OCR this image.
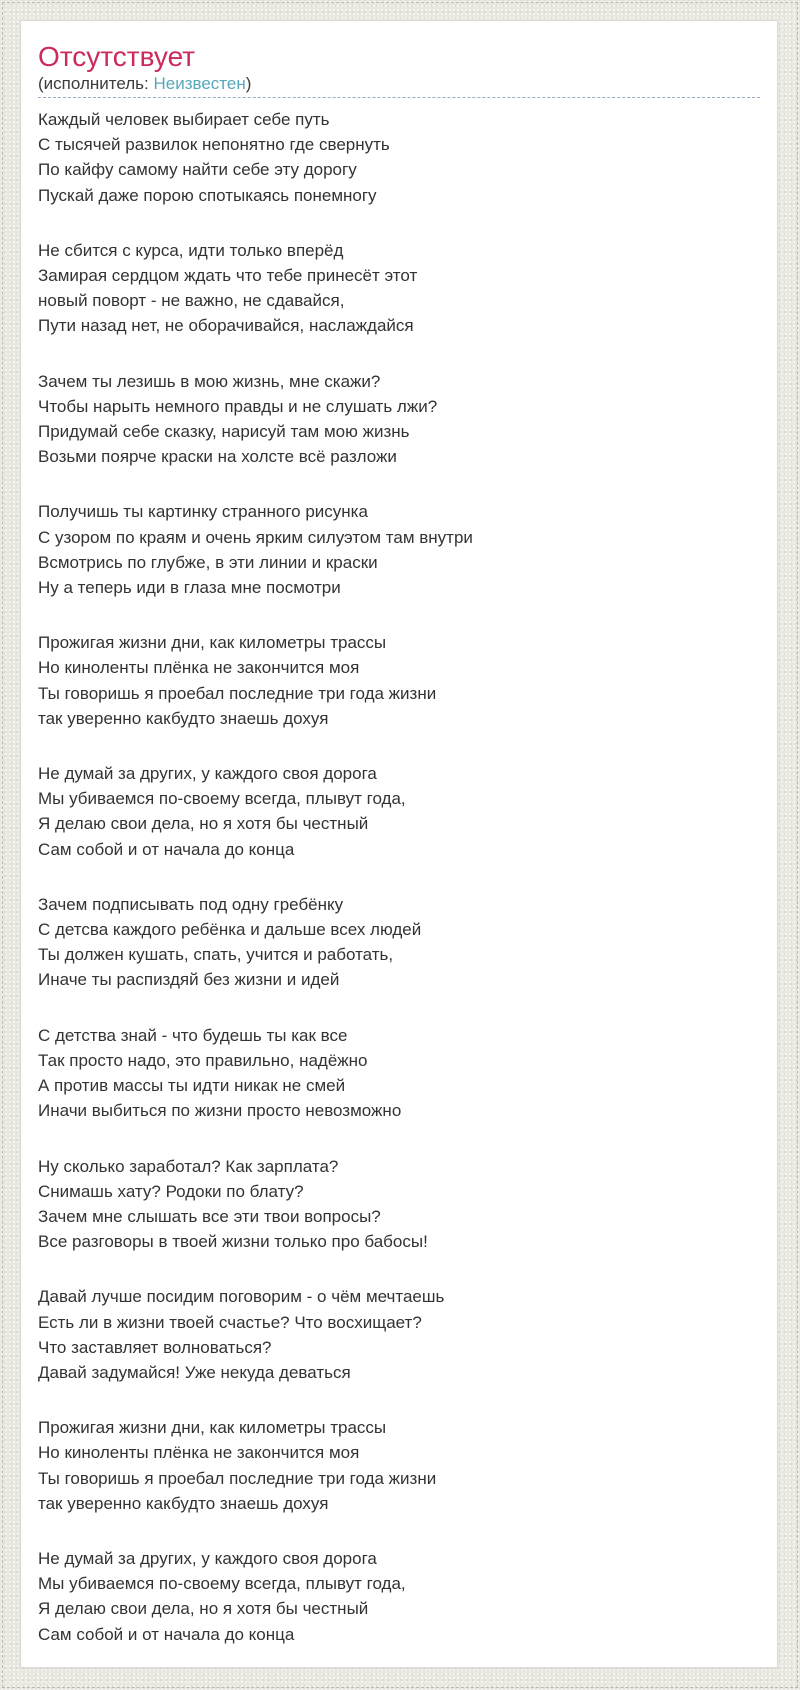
Отсутствует
(исполнитель: Неизвестен)

Каждый человек выбирает себе путь
С тысячей развилок непонятно где свернуть
По кайфу самому найти себе эту дорогу
Пускай даже порою спотыкаясь понемногу

Не сбится с курса, идти только вперёд
Замирая сердцом ждать что тебе принесёт этот
новый поворт - не важно, не сдавайся,
Пути назад нет, не оборачивайся, наслаждайся

Зачем ты лезишь в мою жизнь, мне скажи?
Чтобы нарыть немного правды и не слушать лжи?
Придумай себе сказку, нарисуй там мою жизнь
Возьми поярче краски на холсте всё разложи

Получишь ты картинку странного рисунка
С узором по краям и очень ярким силуэтом там внутри
Всмотрись по глубже, в эти линии и краски
Ну а теперь иди в глаза мне посмотри

Прожигая жизни дни, как километры трассы
Но киноленты плёнка не закончится моя
Ты говоришь я проебал последние три года жизни
так уверенно какбудто знаешь дохуя

Не думай за других, у каждого своя дорога
Мы убиваемся по-своему всегда, плывут года,
Я делаю свои дела, но я хотя бы честный
Сам собой и от начала до конца

Зачем подписывать под одну гребёнку
С детсва каждого ребёнка и дальше всех людей
Ты должен кушать, спать, учится и работать,
Иначе ты распиздяй без жизни и идей

С детства знай - что будешь ты как все
Так просто надо, это правильно, надёжно
А против массы ты идти никак не смей
Иначи выбиться по жизни просто невозможно

Ну сколько заработал? Как зарплата?
Снимашь хату? Родоки по блату?
Зачем мне слышать все эти твои вопросы?
Все разговоры в твоей жизни только про бабосы!

Давай лучше посидим поговорим - о чём мечтаешь
Есть ли в жизни твоей счастье? Что восхищает?
Что заставляет волноваться?
Давай задумайся! Уже некуда деваться

Прожигая жизни дни, как километры трассы
Но киноленты плёнка не закончится моя
Ты говоришь я проебал последние три года жизни
так уверенно какбудто знаешь дохуя

Не думай за других, у каждого своя дорога
Мы убиваемся по-своему всегда, плывут года,
Я делаю свои дела, но я хотя бы честный
Сам собой и от начала до конца
